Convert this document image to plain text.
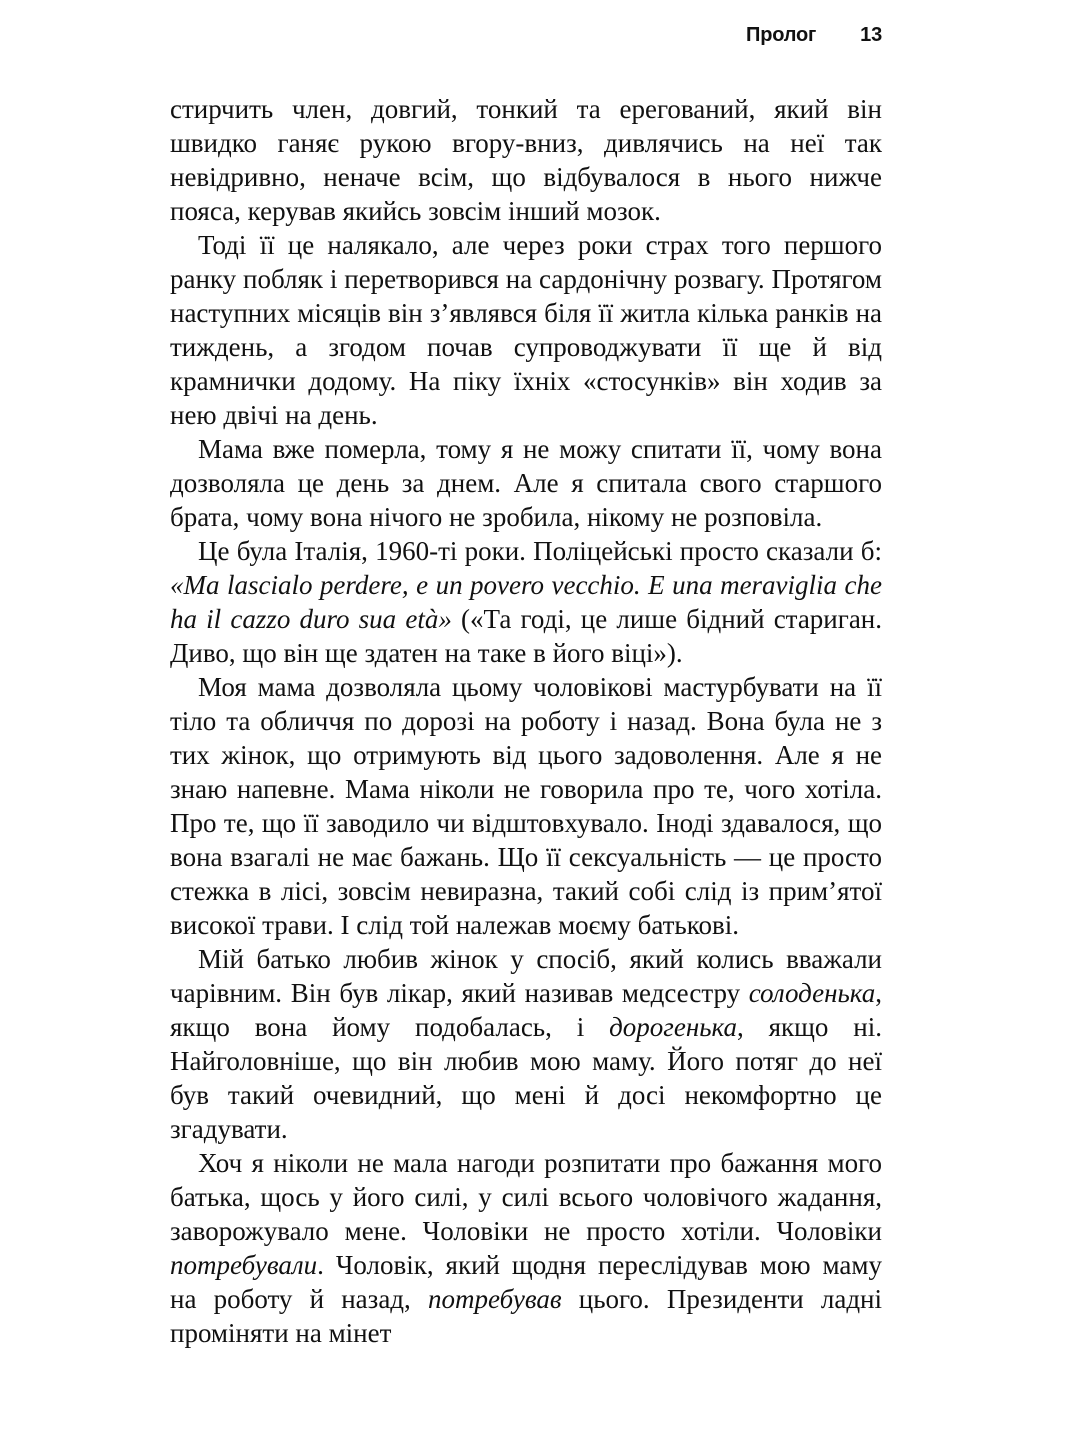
Пролог 13

стирчить член, довгий, тонкий та ерегований, який він швидко ганяє рукою вгору-вниз, дивлячись на неї так невідривно, неначе всім, що відбувалося в нього нижче пояса, керував якийсь зовсім інший мозок.

Тоді її це налякало, але через роки страх того першого ранку побляк і перетворився на сардонічну розвагу. Протягом наступних місяців він з’являвся біля її житла кілька ранків на тиждень, а згодом почав супроводжувати її ще й від крамнички додому. На піку їхніх «стосунків» він ходив за нею двічі на день.

Мама вже померла, тому я не можу спитати її, чому вона дозволяла це день за днем. Але я спитала свого старшого брата, чому вона нічого не зробила, нікому не розповіла.

Це була Італія, 1960-ті роки. Поліцейські просто сказали б: «Ma lascialo perdere, e un povero vecchio. E una meraviglia che ha il cazzo duro sua età» («Та годі, це лише бідний стариган. Диво, що він ще здатен на таке в його віці»).

Моя мама дозволяла цьому чоловікові мастурбувати на її тіло та обличчя по дорозі на роботу і назад. Вона була не з тих жінок, що отримують від цього задоволення. Але я не знаю напевне. Мама ніколи не говорила про те, чого хотіла. Про те, що її заводило чи відштовхувало. Іноді здавалося, що вона взагалі не має бажань. Що її сексуальність — це просто стежка в лісі, зовсім невиразна, такий собі слід із прим’ятої високої трави. І слід той належав моєму батькові.

Мій батько любив жінок у спосіб, який колись вважали чарівним. Він був лікар, який називав медсестру солоденька, якщо вона йому подобалась, і дорогенька, якщо ні. Найголовніше, що він любив мою маму. Його потяг до неї був такий очевидний, що мені й досі некомфортно це згадувати.

Хоч я ніколи не мала нагоди розпитати про бажання мого батька, щось у його силі, у силі всього чоловічого жадання, заворожувало мене. Чоловіки не просто хотіли. Чоловіки потребували. Чоловік, який щодня переслідував мою маму на роботу й назад, потребував цього. Президенти ладні проміняти на мінет
